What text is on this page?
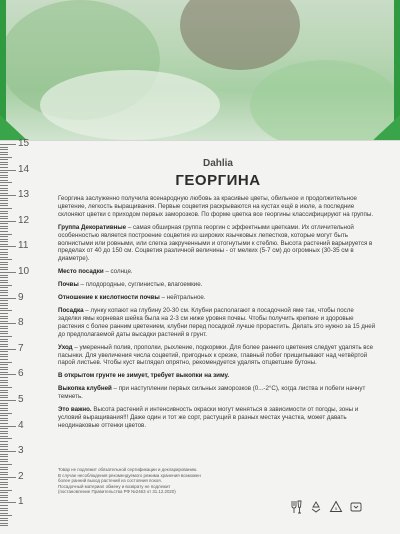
15
14
13
12
11
10
9
8
7
6
5
4
3
2
1
Dahlia
ГЕОРГИНА
Георгина заслуженно получила всенародную любовь за красивые цветы, обильное и продолжительное цветение, легкость выращивания. Первые соцветия раскрываются на кустах ещё в июле, а последние склоняют цветки с приходом первых заморозков. По форме цветка все георгины классифицируют на группы.
Группа Декоративные – самая обширная группа георгин с эффектными цветками. Их отличительной особенностью является построение соцветия из широких язычковых лепестков, которые могут быть волнистыми или ровными, или слегка закрученными и отогнутыми к стеблю. Высота растений варьируется в пределах от 40 до 150 см. Соцветия различной величины - от мелких (5-7 см) до огромных (30-35 см в диаметре).
Место посадки – солнце.
Почвы – плодородные, суглинистые, влагоемкие.
Отношение к кислотности почвы – нейтральное.
Посадка – лунку копают на глубину 20-30 см. Клубни располагают в посадочной яме так, чтобы после заделки ямы корневая шейка была на 2-3 см ниже уровня почвы. Чтобы получить крепкие и здоровые растения с более ранним цветением, клубни перед посадкой лучше прорастить. Делать это нужно за 15 дней до предполагаемой даты высадки растений в грунт.
Уход – умеренный полив, прополки, рыхление, подкормки. Для более раннего цветения следует удалять все пасынки. Для увеличения числа соцветий, пригодных к срезке, главный побег прищипывают над четвёртой парой листьев. Чтобы куст выглядел опрятно, рекомендуется удалять отцветшие бутоны.
В открытом грунте не зимует, требует выкопки на зиму.
Выкопка клубней – при наступлении первых сильных заморозков (0...-2°С), когда листва и побеги начнут темнеть.
Это важно. Высота растений и интенсивность окраски могут меняться в зависимости от погоды, зоны и условий выращивания!!! Даже один и тот же сорт, растущий в разных местах участка, может давать неодинаковые оттенки цветов.
Товар не подлежит обязательной сертификации и декларированию.
В случае несоблюдения рекомендуемого режима хранения возможен
более ранний выход растений из состояния покоя.
Посадочный материал обмену и возврату не подлежит
(постановление Правительства РФ №2463 от 31.12.2020)
5
